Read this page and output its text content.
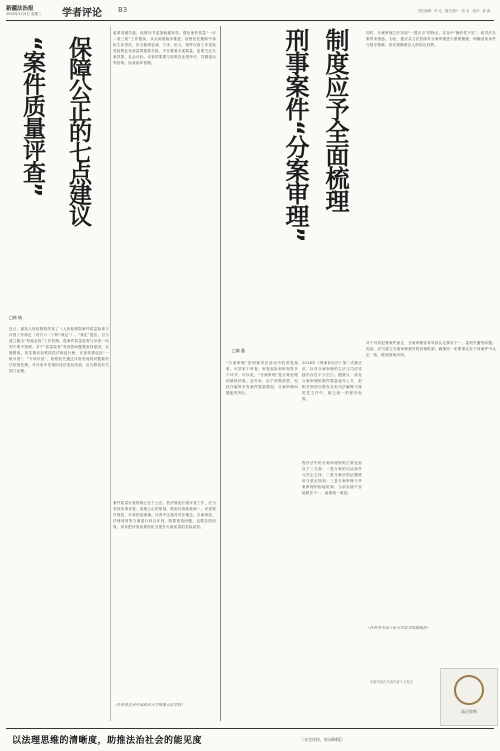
新疆法治报
2025年4月9日 星期三 学者评论 B3	责任编辑：华 毛　版式设计：贺 毛　校对：张 诚
保障公正的七点建议
“案件质量评查”
□韩 婧
近日，最高人民检察院印发了《人民检察院案件质量检查与评查工作规定（试行）》（下称“规定”）。“规定”提出，自当建立健全“每案必检”工作机制，将案件质量检查与评查一同列于集中管理。对于“质量检查”发现的问题要查找原因、实施整改，切实推动检察权依法规范行使。评查体系包括“一般评查”、“专项评查”，检察机关通过评查发现的问题要依法依规处理。对评查中发现的违法违纪线索，应当移送有关部门处理。
改革同频共振，检察环节更加畅通有效；强化案件质量“一评二查三改”工作链条，从点到面稳步推进。检察官在履职中承担主体责任，应当做到忠诚、干净、担当。案件评查工作是检验检察业务质量的重要手段，不仅要看办案数量，更要关注办案效果、社会评价。评查结果要与检察官业绩考评、员额退出等挂钩，形成闭环管理。
案件质量评查的核心在于公正。依法规范开展评查工作，应当坚持实事求是、客观公正的原则，做到评查标准统一、评查程序规范、评查结论准确。评查中注重对司法理念、办案规范、法律适用等方面进行综合评判，既要查找问题，也要总结经验，切实把评查成果转化为提升办案质量的实际成效。
（作者单位系中国政法大学刑事司法学院）
制度应予全面梳理
刑事案件“分案审理”
□秦 藤
“分案审理”是刑事司法活动中的常见现象，可效率于审查、审查起诉和审判等多个环节。可以说，“分案审理”是分案处理的最终结果。近年来，由于涉黑涉恶、电信诈骗等多发案件数量增加，分案审理问题愈发突出。
2018年《刑事诉讼法》第二次修正后，针对分案审理的立法与司法实践仍存在不少空白。据统计，涉及分案审理的案件数量逐年上升，但相关规则分散在各类司法解释与规范性文件中，缺乏统一的程序标准。
程序法中的分案审理规则主要包括以下三方面：一是分案的启动条件与决定主体；二是分案后的证据使用与质证规则；三是分案审理与并案审理的衔接机制。当前实践中各地做法不一，亟需统一规范。
同时，分案审理立法呈现“一国多点”的特点，实务中“操作性不足”，给司法办案带来困惑。为此，建议从立法层面对分案审理进行系统梳理，明确适用条件与程序保障，切实保障被告人的诉讼权利。
对于共同犯罪案件而言，分案审理容易导致认定事实不一、量刑失衡等问题。因此，应当建立分案审理案件的协调机制，确保同一犯罪事实在不同案件中认定一致，做到同案同判。
（作者系中国人民大学法学院副教授）
高正律师
本版内容仅代表作者个人观点
以法理思维的清晰度，助推法治社会的能见度	（未完待续，转向B4版）
